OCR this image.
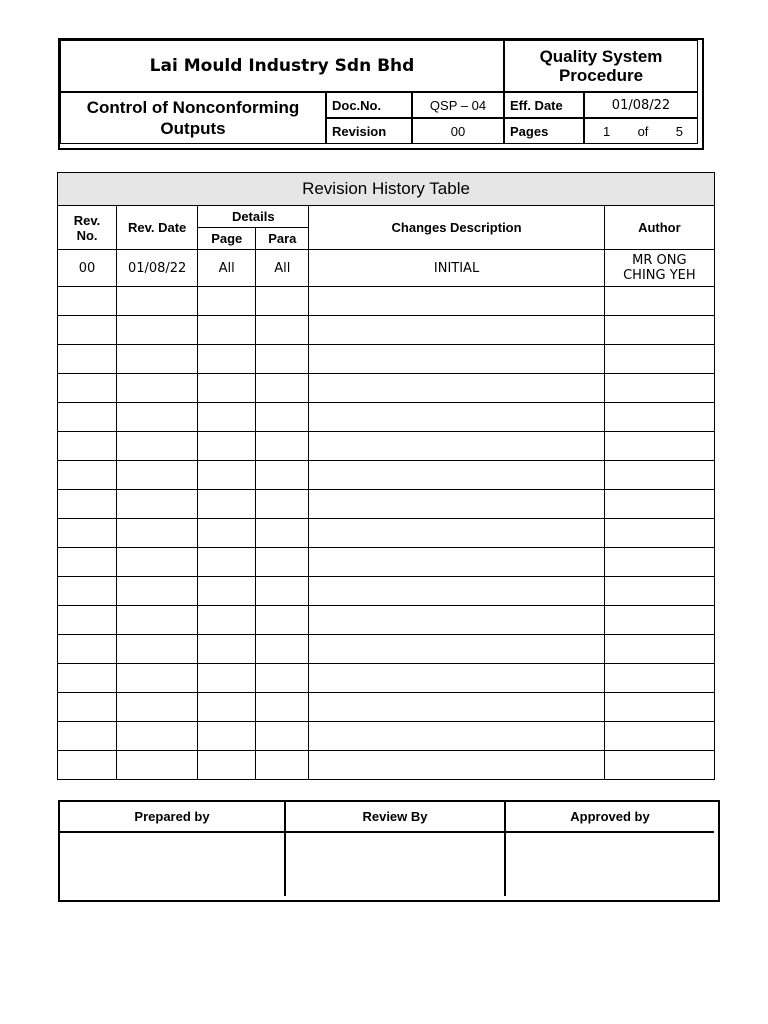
Lai Mould Industry Sdn Bhd	Quality System Procedure
Control of Nonconforming Outputs
Doc.No.	QSP – 04
Revision	00
Eff. Date	01/08/22
Pages	1 of 5
Revision History Table					
Rev. No.	Rev. Date	Details		Changes Description	Author
		Page	Para		
00	01/08/22	All	All	INITIAL	MR ONG CHING YEH

Prepared by	Review By	Approved by
